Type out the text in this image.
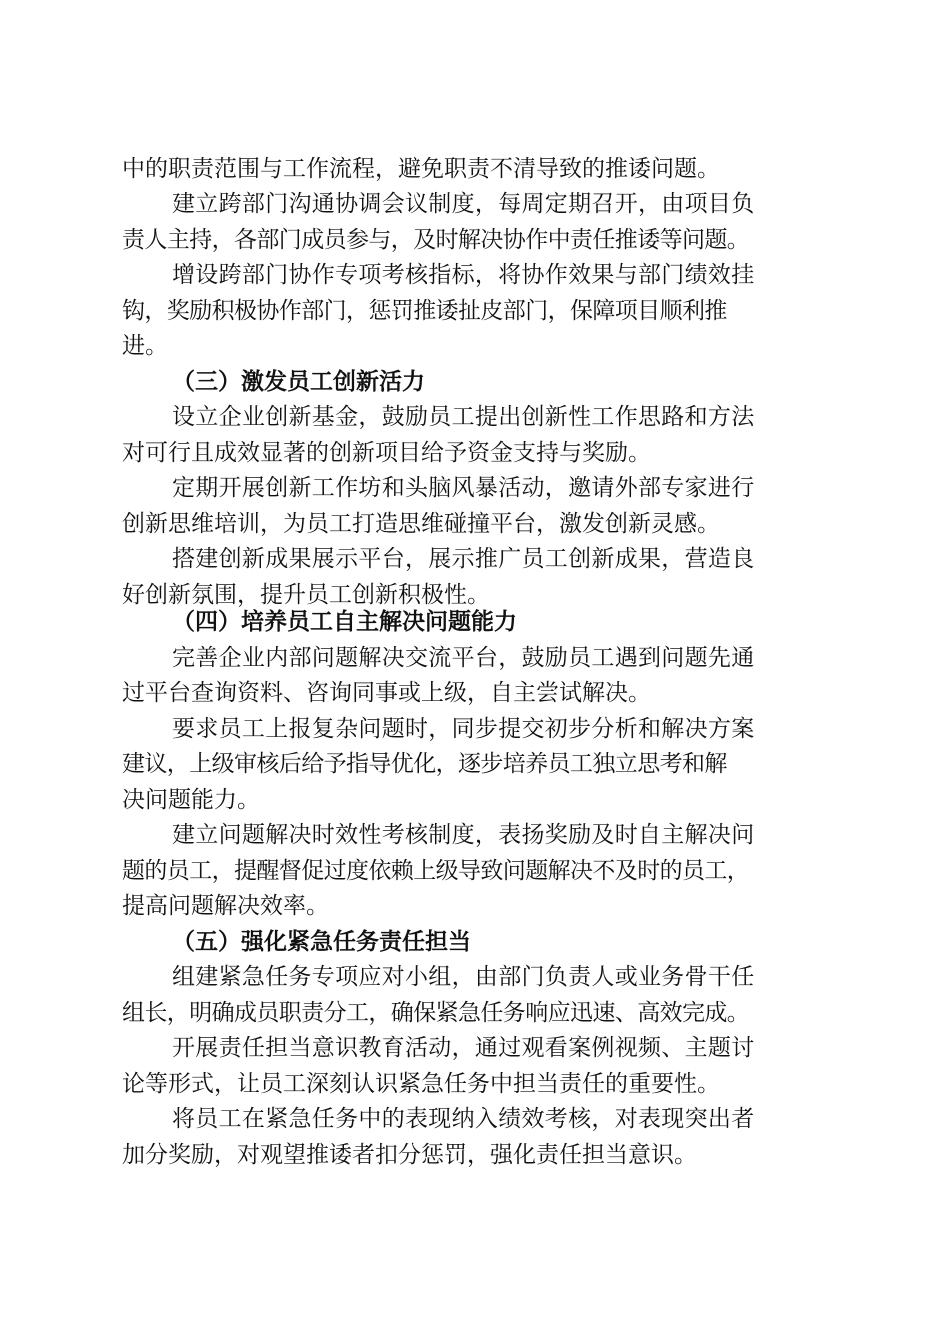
中的职责范围与工作流程，避免职责不清导致的推诿问题。

建立跨部门沟通协调会议制度，每周定期召开，由项目负

责人主持，各部门成员参与，及时解决协作中责任推诿等问题。

增设跨部门协作专项考核指标，将协作效果与部门绩效挂

钩，奖励积极协作部门，惩罚推诿扯皮部门，保障项目顺利推

进。

（三）激发员工创新活力

设立企业创新基金，鼓励员工提出创新性工作思路和方法

对可行且成效显著的创新项目给予资金支持与奖励。

定期开展创新工作坊和头脑风暴活动，邀请外部专家进行

创新思维培训，为员工打造思维碰撞平台，激发创新灵感。

搭建创新成果展示平台，展示推广员工创新成果，营造良

好创新氛围，提升员工创新积极性。

（四）培养员工自主解决问题能力

完善企业内部问题解决交流平台，鼓励员工遇到问题先通

过平台查询资料、咨询同事或上级，自主尝试解决。

要求员工上报复杂问题时，同步提交初步分析和解决方案

建议，上级审核后给予指导优化，逐步培养员工独立思考和解

决问题能力。

建立问题解决时效性考核制度，表扬奖励及时自主解决问

题的员工，提醒督促过度依赖上级导致问题解决不及时的员工，

提高问题解决效率。

（五）强化紧急任务责任担当

组建紧急任务专项应对小组，由部门负责人或业务骨干任

组长，明确成员职责分工，确保紧急任务响应迅速、高效完成。

开展责任担当意识教育活动，通过观看案例视频、主题讨

论等形式，让员工深刻认识紧急任务中担当责任的重要性。

将员工在紧急任务中的表现纳入绩效考核，对表现突出者

加分奖励，对观望推诿者扣分惩罚，强化责任担当意识。
